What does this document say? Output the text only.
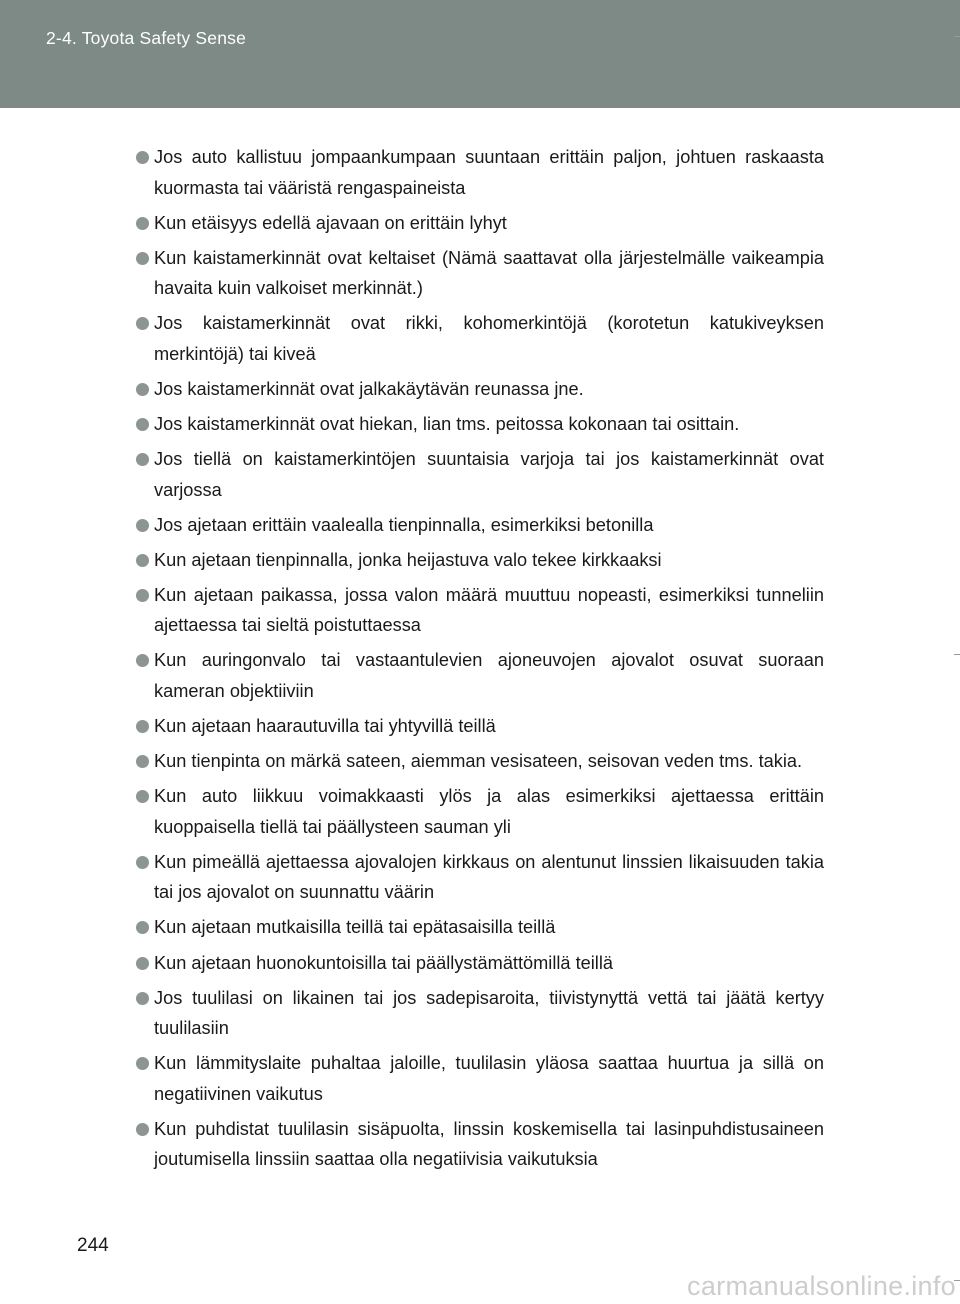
2-4. Toyota Safety Sense
Jos auto kallistuu jompaankumpaan suuntaan erittäin paljon, johtuen raskaasta kuormasta tai vääristä rengaspaineista
Kun etäisyys edellä ajavaan on erittäin lyhyt
Kun kaistamerkinnät ovat keltaiset (Nämä saattavat olla järjestelmälle vaikeampia havaita kuin valkoiset merkinnät.)
Jos kaistamerkinnät ovat rikki, kohomerkintöjä (korotetun katukiveyksen merkintöjä) tai kiveä
Jos kaistamerkinnät ovat jalkakäytävän reunassa jne.
Jos kaistamerkinnät ovat hiekan, lian tms. peitossa kokonaan tai osittain.
Jos tiellä on kaistamerkintöjen suuntaisia varjoja tai jos kaistamerkinnät ovat varjossa
Jos ajetaan erittäin vaalealla tienpinnalla, esimerkiksi betonilla
Kun ajetaan tienpinnalla, jonka heijastuva valo tekee kirkkaaksi
Kun ajetaan paikassa, jossa valon määrä muuttuu nopeasti, esimerkiksi tunneliin ajettaessa tai sieltä poistuttaessa
Kun auringonvalo tai vastaantulevien ajoneuvojen ajovalot osuvat suoraan kameran objektiiviin
Kun ajetaan haarautuvilla tai yhtyvillä teillä
Kun tienpinta on märkä sateen, aiemman vesisateen, seisovan veden tms. takia.
Kun auto liikkuu voimakkaasti ylös ja alas esimerkiksi ajettaessa erittäin kuoppaisella tiellä tai päällysteen sauman yli
Kun pimeällä ajettaessa ajovalojen kirkkaus on alentunut linssien likaisuuden takia tai jos ajovalot on suunnattu väärin
Kun ajetaan mutkaisilla teillä tai epätasaisilla teillä
Kun ajetaan huonokuntoisilla tai päällystämättömillä teillä
Jos tuulilasi on likainen tai jos sadepisaroita, tiivistynyttä vettä tai jäätä kertyy tuulilasiin
Kun lämmityslaite puhaltaa jaloille, tuulilasin yläosa saattaa huurtua ja sillä on negatiivinen vaikutus
Kun puhdistat tuulilasin sisäpuolta, linssin koskemisella tai lasinpuhdistusaineen joutumisella linssiin saattaa olla negatiivisia vaikutuksia
244
carmanualsonline.info
